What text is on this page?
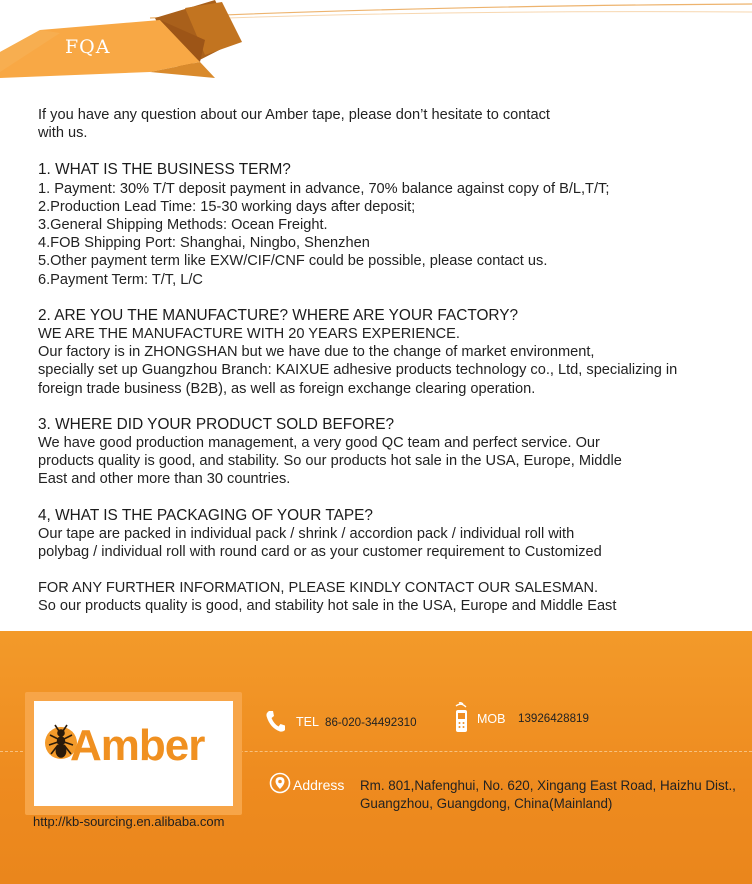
FQA

If you have any question about our Amber tape, please don’t hesitate to contact
with us.

1. WHAT IS THE BUSINESS TERM?

1. Payment: 30% T/T deposit payment in advance, 70% balance against copy of B/L,T/T;
2.Production Lead Time: 15-30 working days after deposit;
3.General Shipping Methods: Ocean Freight.
4.FOB Shipping Port: Shanghai, Ningbo, Shenzhen
5.Other payment term like EXW/CIF/CNF could be possible, please contact us.
6.Payment Term: T/T, L/C

2. ARE YOU THE MANUFACTURE? WHERE ARE YOUR FACTORY?

WE ARE THE MANUFACTURE WITH 20 YEARS EXPERIENCE.
Our factory is in ZHONGSHAN but we have due to the change of market environment,
specially set up Guangzhou Branch: KAIXUE adhesive products technology co., Ltd, specializing in
foreign trade business (B2B), as well as foreign exchange clearing operation.

3. WHERE DID YOUR PRODUCT SOLD BEFORE?

We have good production management, a very good QC team and perfect service. Our
products quality is good, and stability. So our products hot sale in the USA, Europe, Middle
East and other more than 30 countries.

4, WHAT IS THE PACKAGING OF YOUR TAPE?

Our tape are packed in individual pack / shrink / accordion pack / individual roll with
polybag / individual roll with round card or as your customer requirement to Customized

FOR ANY FURTHER INFORMATION, PLEASE KINDLY CONTACT OUR SALESMAN.

So our products quality is good, and stability hot sale in the USA, Europe and Middle East

Amber
http://kb-sourcing.en.alibaba.com
TEL 86-020-34492310	MOB 13926428819
Address Rm. 801,Nafenghui, No. 620, Xingang East Road, Haizhu Dist., Guangzhou, Guangdong, China(Mainland)
